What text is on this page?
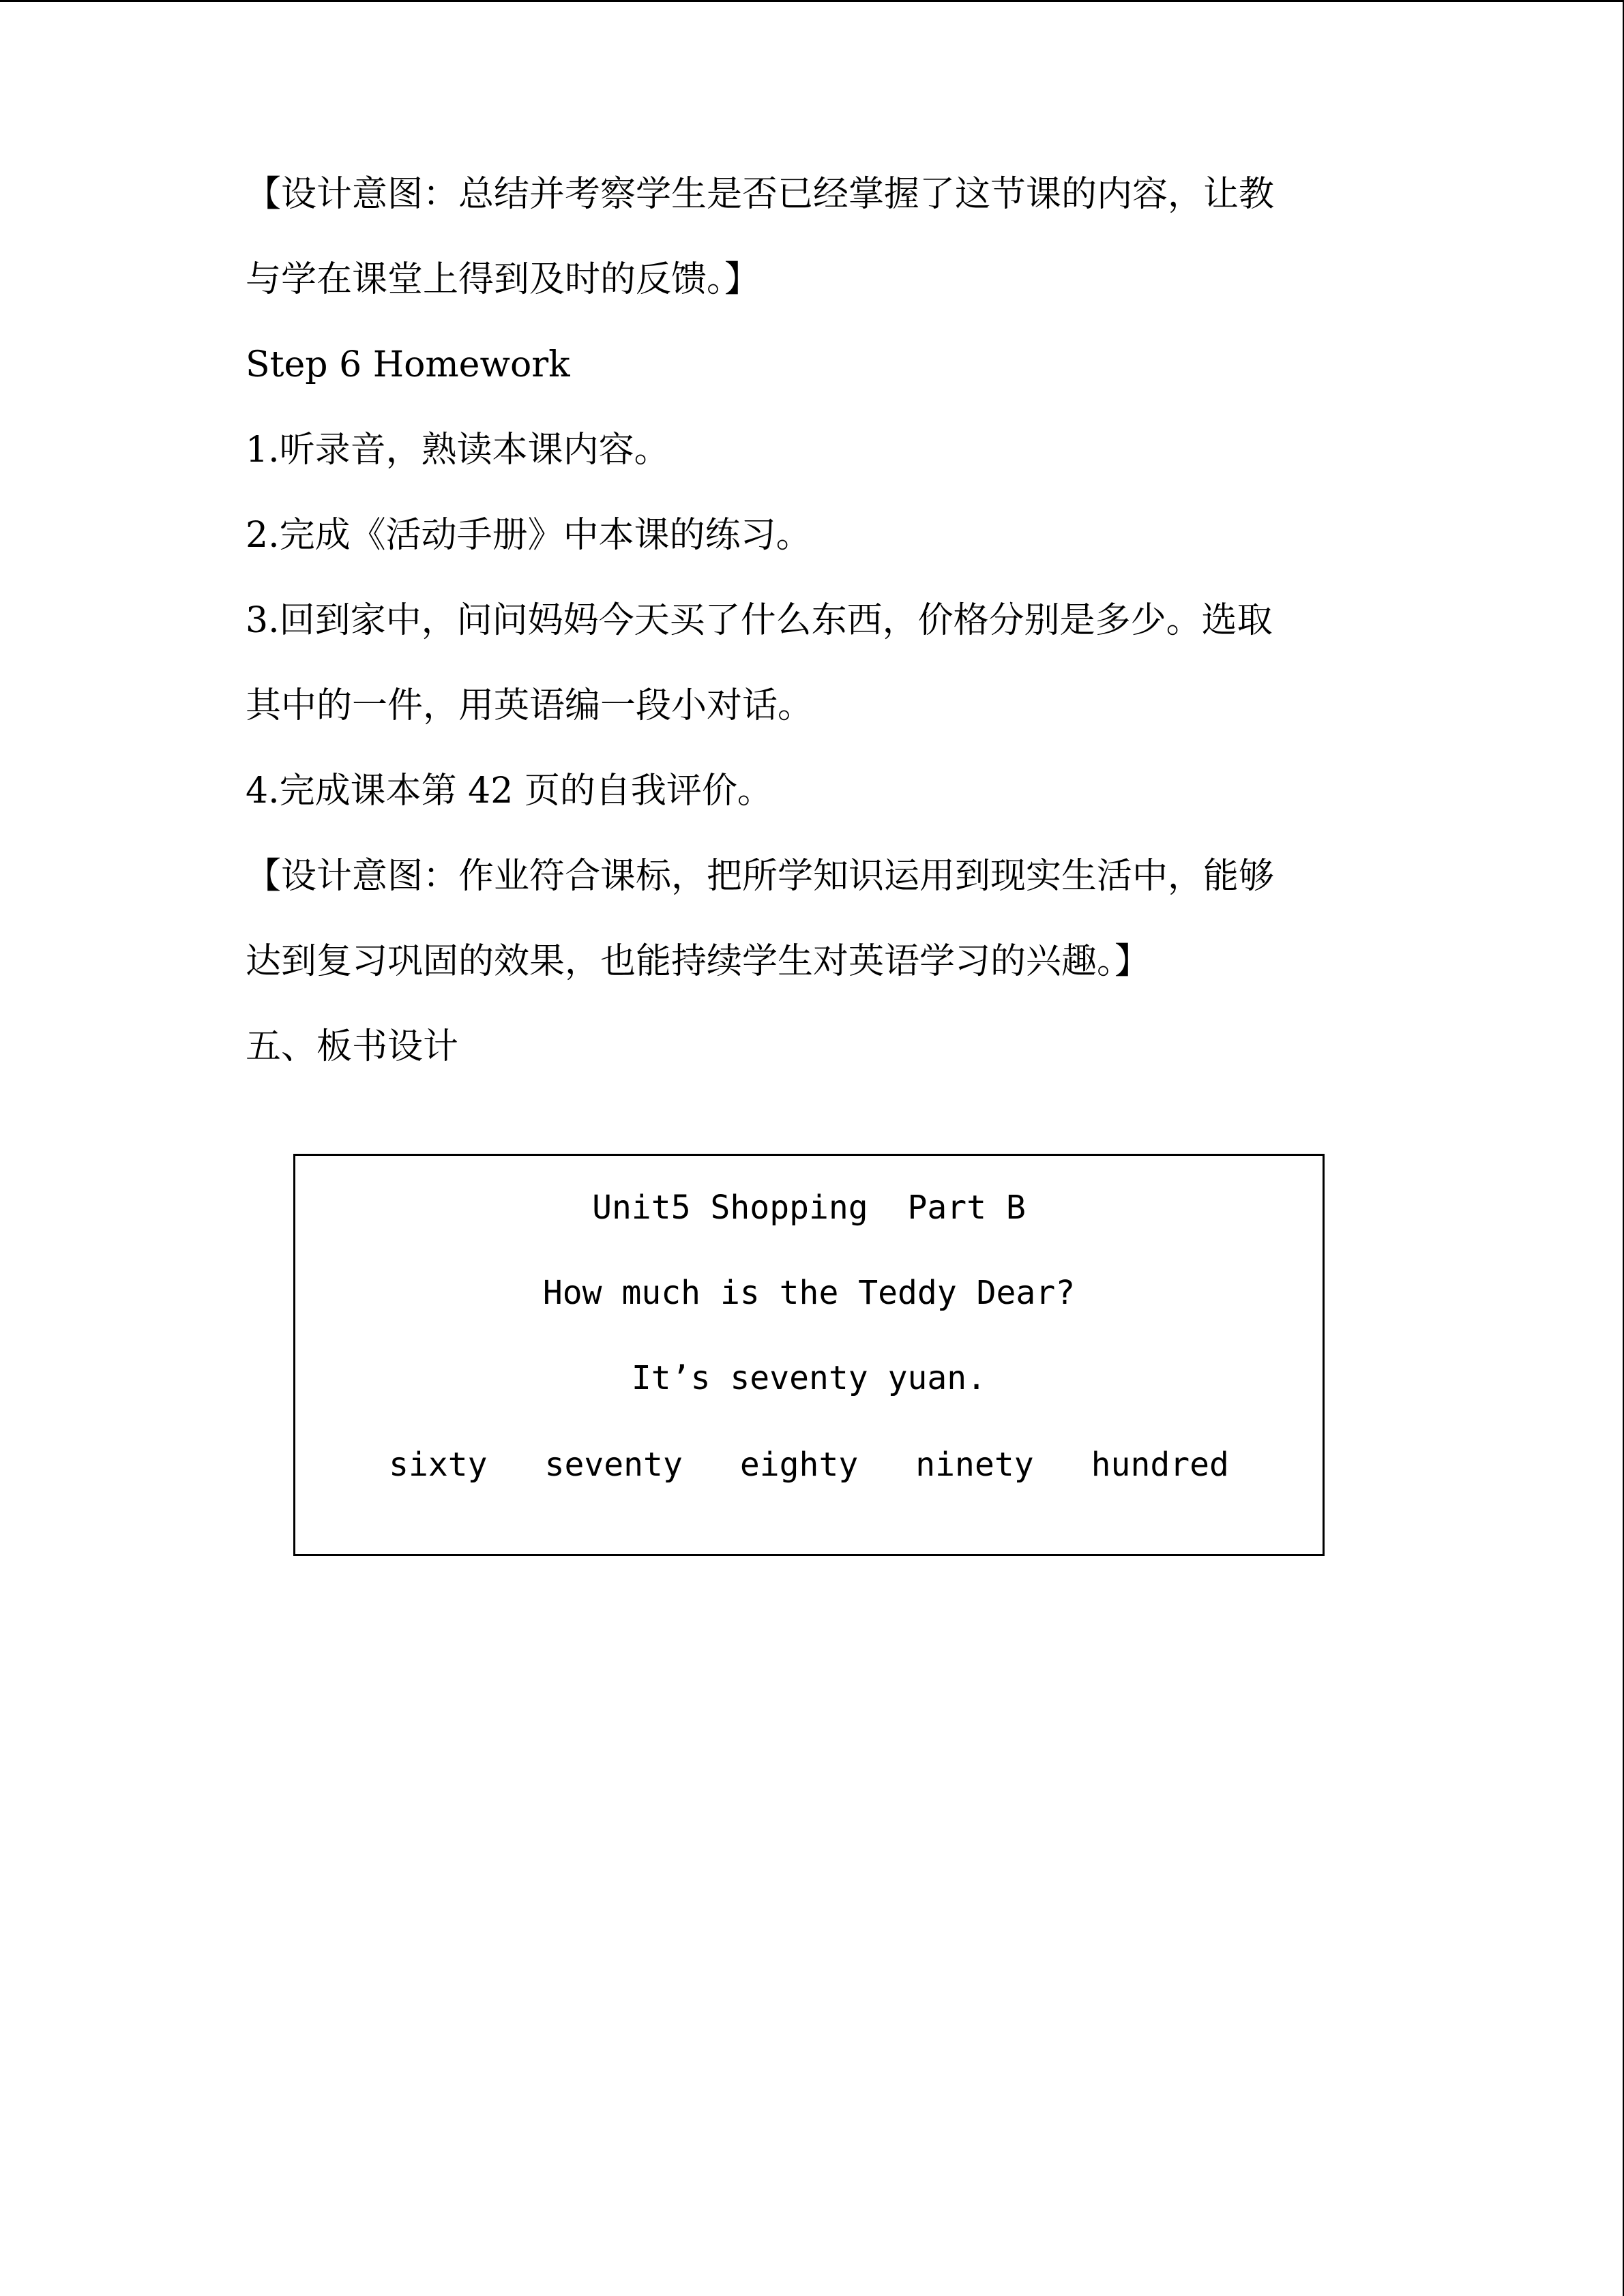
【设计意图：总结并考察学生是否已经掌握了这节课的内容，让教
与学在课堂上得到及时的反馈。】
Step 6 Homework
1.听录音，熟读本课内容。
2.完成《活动手册》中本课的练习。
3.回到家中，问问妈妈今天买了什么东西，价格分别是多少。选取
其中的一件，用英语编一段小对话。
4.完成课本第 42 页的自我评价。
【设计意图：作业符合课标，把所学知识运用到现实生活中，能够
达到复习巩固的效果，也能持续学生对英语学习的兴趣。】
五、板书设计
Unit5 Shopping  Part B
How much is the Teddy Dear?
It’s seventy yuan.
sixty seventy eighty ninety hundred
